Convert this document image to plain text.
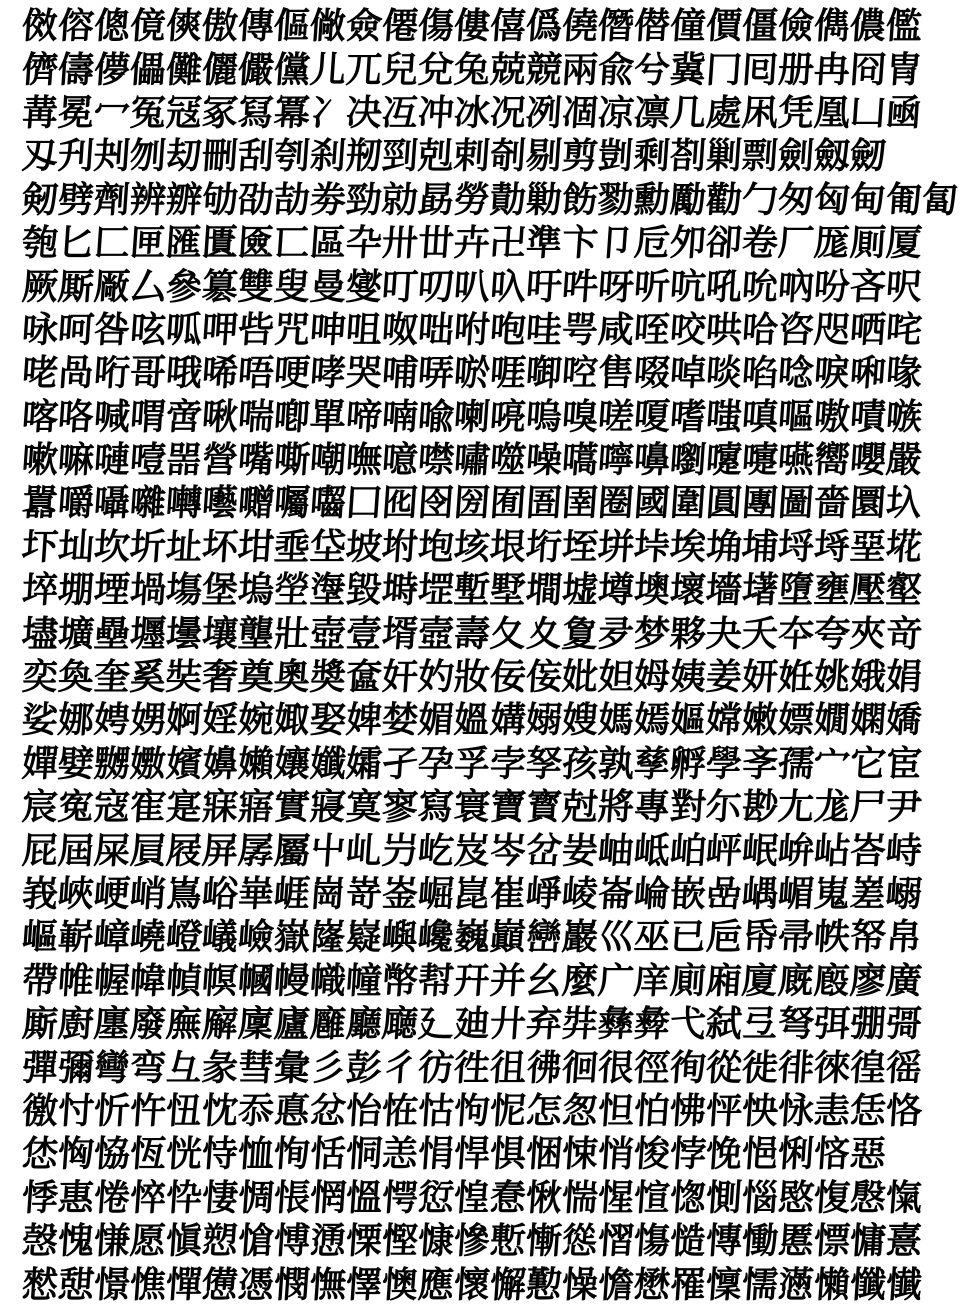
傚
傛
傯
傹
傸
傲
傳
傴
僘
僉
僊
傷
僂
僖
僞
僥
僭
僣
僮
價
僵
儉
儁
儂
儖
儕
儔
儚
儡
儺
儷
儼
儻
儿
兀
兒
兌
兔
兢
競
兩
兪
兮
冀
冂
囘
册
冉
冏
冑
冓
冕
冖
冤
冦
冢
冩
冪
冫
决
冱
冲
冰
况
冽
凅
凉
凛
几
處
凩
凭
凰
凵
凾
刄
刋
刔
刎
刧
刪
刮
刳
刹
剏
剄
剋
剌
剞
剔
剪
剴
剩
剳
剿
剽
劍
劔
劒
剱
劈
劑
辨
辧
劬
劭
劼
劵
勁
勍
勗
勞
勣
勦
飭
勠
勳
勵
勸
勹
匆
匈
甸
匍
匐
匏
匕
匚
匣
匯
匱
匳
匸
區
卆
卅
丗
卉
卍
準
卞
卩
卮
夘
卻
卷
厂
厖
厠
厦
厥
厮
厰
厶
參
簒
雙
叟
曼
燮
叮
叨
叭
叺
吁
吽
呀
听
吭
吼
吮
吶
吩
吝
呎
咏
呵
咎
呟
呱
呷
呰
咒
呻
咀
呶
咄
咐
咆
哇
咢
咸
咥
咬
哄
哈
咨
咫
哂
咤
咾
咼
哘
哥
哦
唏
唔
哽
哮
哭
哺
哢
唹
啀
啣
啌
售
啜
啅
啖
啗
唸
唳
啝
喙
喀
咯
喊
喟
啻
啾
喘
喞
單
啼
喃
喩
喇
喨
嗚
嗅
嗟
嗄
嗜
嗤
嗔
嘔
嗷
嘖
嗾
嗽
嘛
嗹
噎
噐
營
嘴
嘶
嘲
嘸
噫
噤
嘯
噬
噪
嚆
嚀
嚊
嚠
嚔
嚏
嚥
嚮
嚶
嚴
囂
嚼
囁
囃
囀
囈
囎
囑
囓
囗
囮
囹
圀
囿
圄
圉
圈
國
圍
圓
團
圖
嗇
圜
圦
圷
圸
坎
圻
址
坏
坩
埀
垈
坡
坿
垉
垓
垠
垳
垤
垪
垰
埃
埆
埔
埒
埓
堊
埖
埣
堋
堙
堝
塲
堡
塢
塋
塰
毀
塒
堽
塹
墅
墹
墟
墫
墺
壞
墻
墸
墮
壅
壓
壑
壗
壙
壘
壥
壜
壤
壟
壯
壺
壹
壻
壼
壽
夂
夊
夐
夛
梦
夥
夬
夭
夲
夸
夾
竒
奕
奐
奎
奚
奘
奢
奠
奧
奬
奩
奸
妁
妝
佞
侫
妣
妲
姆
姨
姜
妍
姙
姚
娥
娟
娑
娜
娉
娚
婀
婬
婉
娵
娶
婢
婪
媚
媼
媾
嫋
嫂
媽
嫣
嫗
嫦
嫩
嫖
嫺
嫻
嬌
嬋
嬖
嬲
嫐
嬪
嬶
嬾
孃
孅
孀
孑
孕
孚
孛
孥
孩
孰
孳
孵
學
斈
孺
宀
它
宦
宸
寃
寇
寉
寔
寐
寤
實
寢
寞
寥
寫
寰
寶
寳
尅
將
專
對
尓
尠
尢
尨
尸
尹
屁
屆
屎
屓
屐
屏
孱
屬
屮
乢
屶
屹
岌
岑
岔
妛
岫
岻
岶
岼
岷
峅
岾
峇
峙
峩
峽
峺
峭
嶌
峪
崋
崕
崗
嵜
崟
崛
崑
崔
崢
崚
崙
崘
嵌
嵒
嵎
嵋
嵬
嵳
嵶
嶇
嶄
嶂
嶢
嶝
嶬
嶮
嶽
嶐
嶷
嶼
巉
巍
巓
巒
巖
巛
巫
已
巵
帋
帚
帙
帑
帛
帶
帷
幄
幃
幀
幎
幗
幔
幟
幢
幤
幇
幵
并
幺
麼
广
庠
廁
廂
廈
廐
廏
廖
廣
廝
廚
廛
廢
廡
廨
廩
廬
廱
廳
廰
廴
廸
廾
弃
弉
彝
彜
弋
弑
弖
弩
弭
弸
彁
彈
彌
彎
弯
彑
彖
彗
彙
彡
彭
彳
彷
徃
徂
彿
徊
很
徑
徇
從
徙
徘
徠
徨
徭
徼
忖
忻
忤
忸
忱
忝
悳
忿
怡
恠
怙
怐
怩
怎
怱
怛
怕
怫
怦
怏
怺
恚
恁
恪
恷
恟
恊
恆
恍
恃
恤
恂
恬
恫
恙
悁
悍
惧
悃
悚
悄
悛
悖
悗
悒
悧
悋
惡
悸
惠
惓
悴
忰
悽
惆
悵
惘
慍
愕
愆
惶
惷
愀
惴
惺
愃
愡
惻
惱
愍
愎
慇
愾
愨
愧
慊
愿
愼
愬
愴
愽
慂
慄
慳
慷
慘
慙
慚
慫
慴
慯
慥
慱
慟
慝
慓
慵
憙
憖
憇
憬
憔
憚
憊
憑
憫
憮
懌
懊
應
懷
懈
懃
懆
憺
懋
罹
懍
懦
懣
懶
懺
懴
